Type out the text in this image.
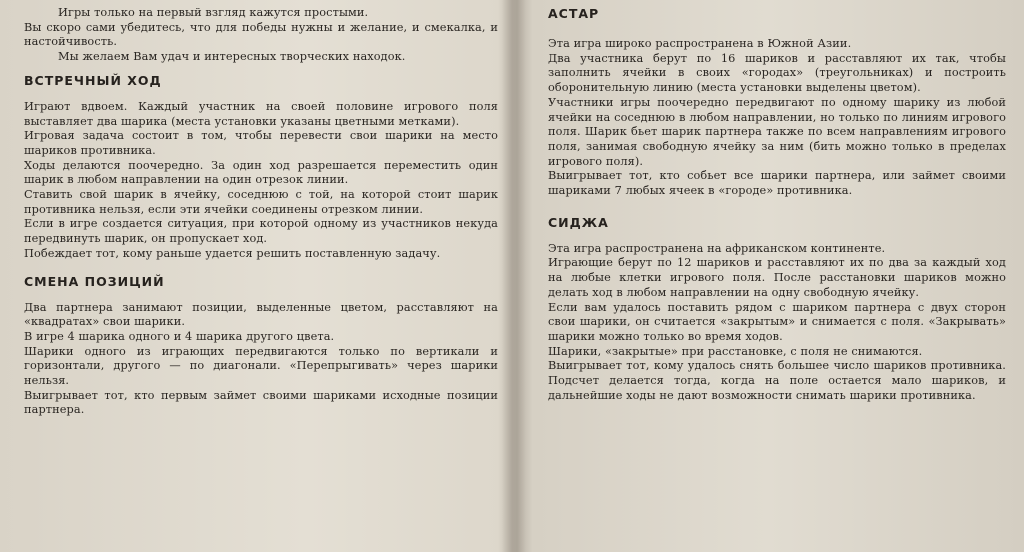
Игры только на первый взгляд кажутся простыми.

Вы скоро сами убедитесь, что для победы нужны и желание, и смекалка, и настойчивость.

Мы желаем Вам удач и интересных творческих находок.

ВСТРЕЧНЫЙ ХОД

Играют вдвоем. Каждый участник на своей половине игрового поля выставляет два шарика (места установки указаны цветными метками).

Игровая задача состоит в том, чтобы перевести свои шарики на место шариков противника.

Ходы делаются поочередно. За один ход разрешается переместить один шарик в любом направлении на один отрезок линии.

Ставить свой шарик в ячейку, соседнюю с той, на которой стоит шарик противника нельзя, если эти ячейки соединены отрезком линии.

Если в игре создается ситуация, при которой одному из участников некуда передвинуть шарик, он пропускает ход.

Побеждает тот, кому раньше удается решить поставленную задачу.

СМЕНА ПОЗИЦИЙ

Два партнера занимают позиции, выделенные цветом, расставляют на «квадратах» свои шарики.

В игре 4 шарика одного и 4 шарика другого цвета.

Шарики одного из играющих передвигаются только по вертикали и горизонтали, другого — по диагонали. «Перепрыгивать» через шарики нельзя.

Выигрывает тот, кто первым займет своими шариками исходные позиции партнера.

АСТАР

Эта игра широко распространена в Южной Азии.

Два участника берут по 16 шариков и расставляют их так, чтобы заполнить ячейки в своих «городах» (треугольниках) и построить оборонительную линию (места установки выделены цветом).

Участники игры поочередно передвигают по одному шарику из любой ячейки на соседнюю в любом направлении, но только по линиям игрового поля. Шарик бьет шарик партнера также по всем направлениям игрового поля, занимая свободную ячейку за ним (бить можно только в пределах игрового поля).

Выигрывает тот, кто собьет все шарики партнера, или займет своими шариками 7 любых ячеек в «городе» противника.

СИДЖА

Эта игра распространена на африканском континенте.

Играющие берут по 12 шариков и расставляют их по два за каждый ход на любые клетки игрового поля. После расстановки шариков можно делать ход в любом направлении на одну свободную ячейку.

Если вам удалось поставить рядом с шариком партнера с двух сторон свои шарики, он считается «закрытым» и снимается с поля. «Закрывать» шарики можно только во время ходов.

Шарики, «закрытые» при расстановке, с поля не снимаются.

Выигрывает тот, кому удалось снять большее число шариков противника. Подсчет делается тогда, когда на поле остается мало шариков, и дальнейшие ходы не дают возможности снимать шарики противника.
